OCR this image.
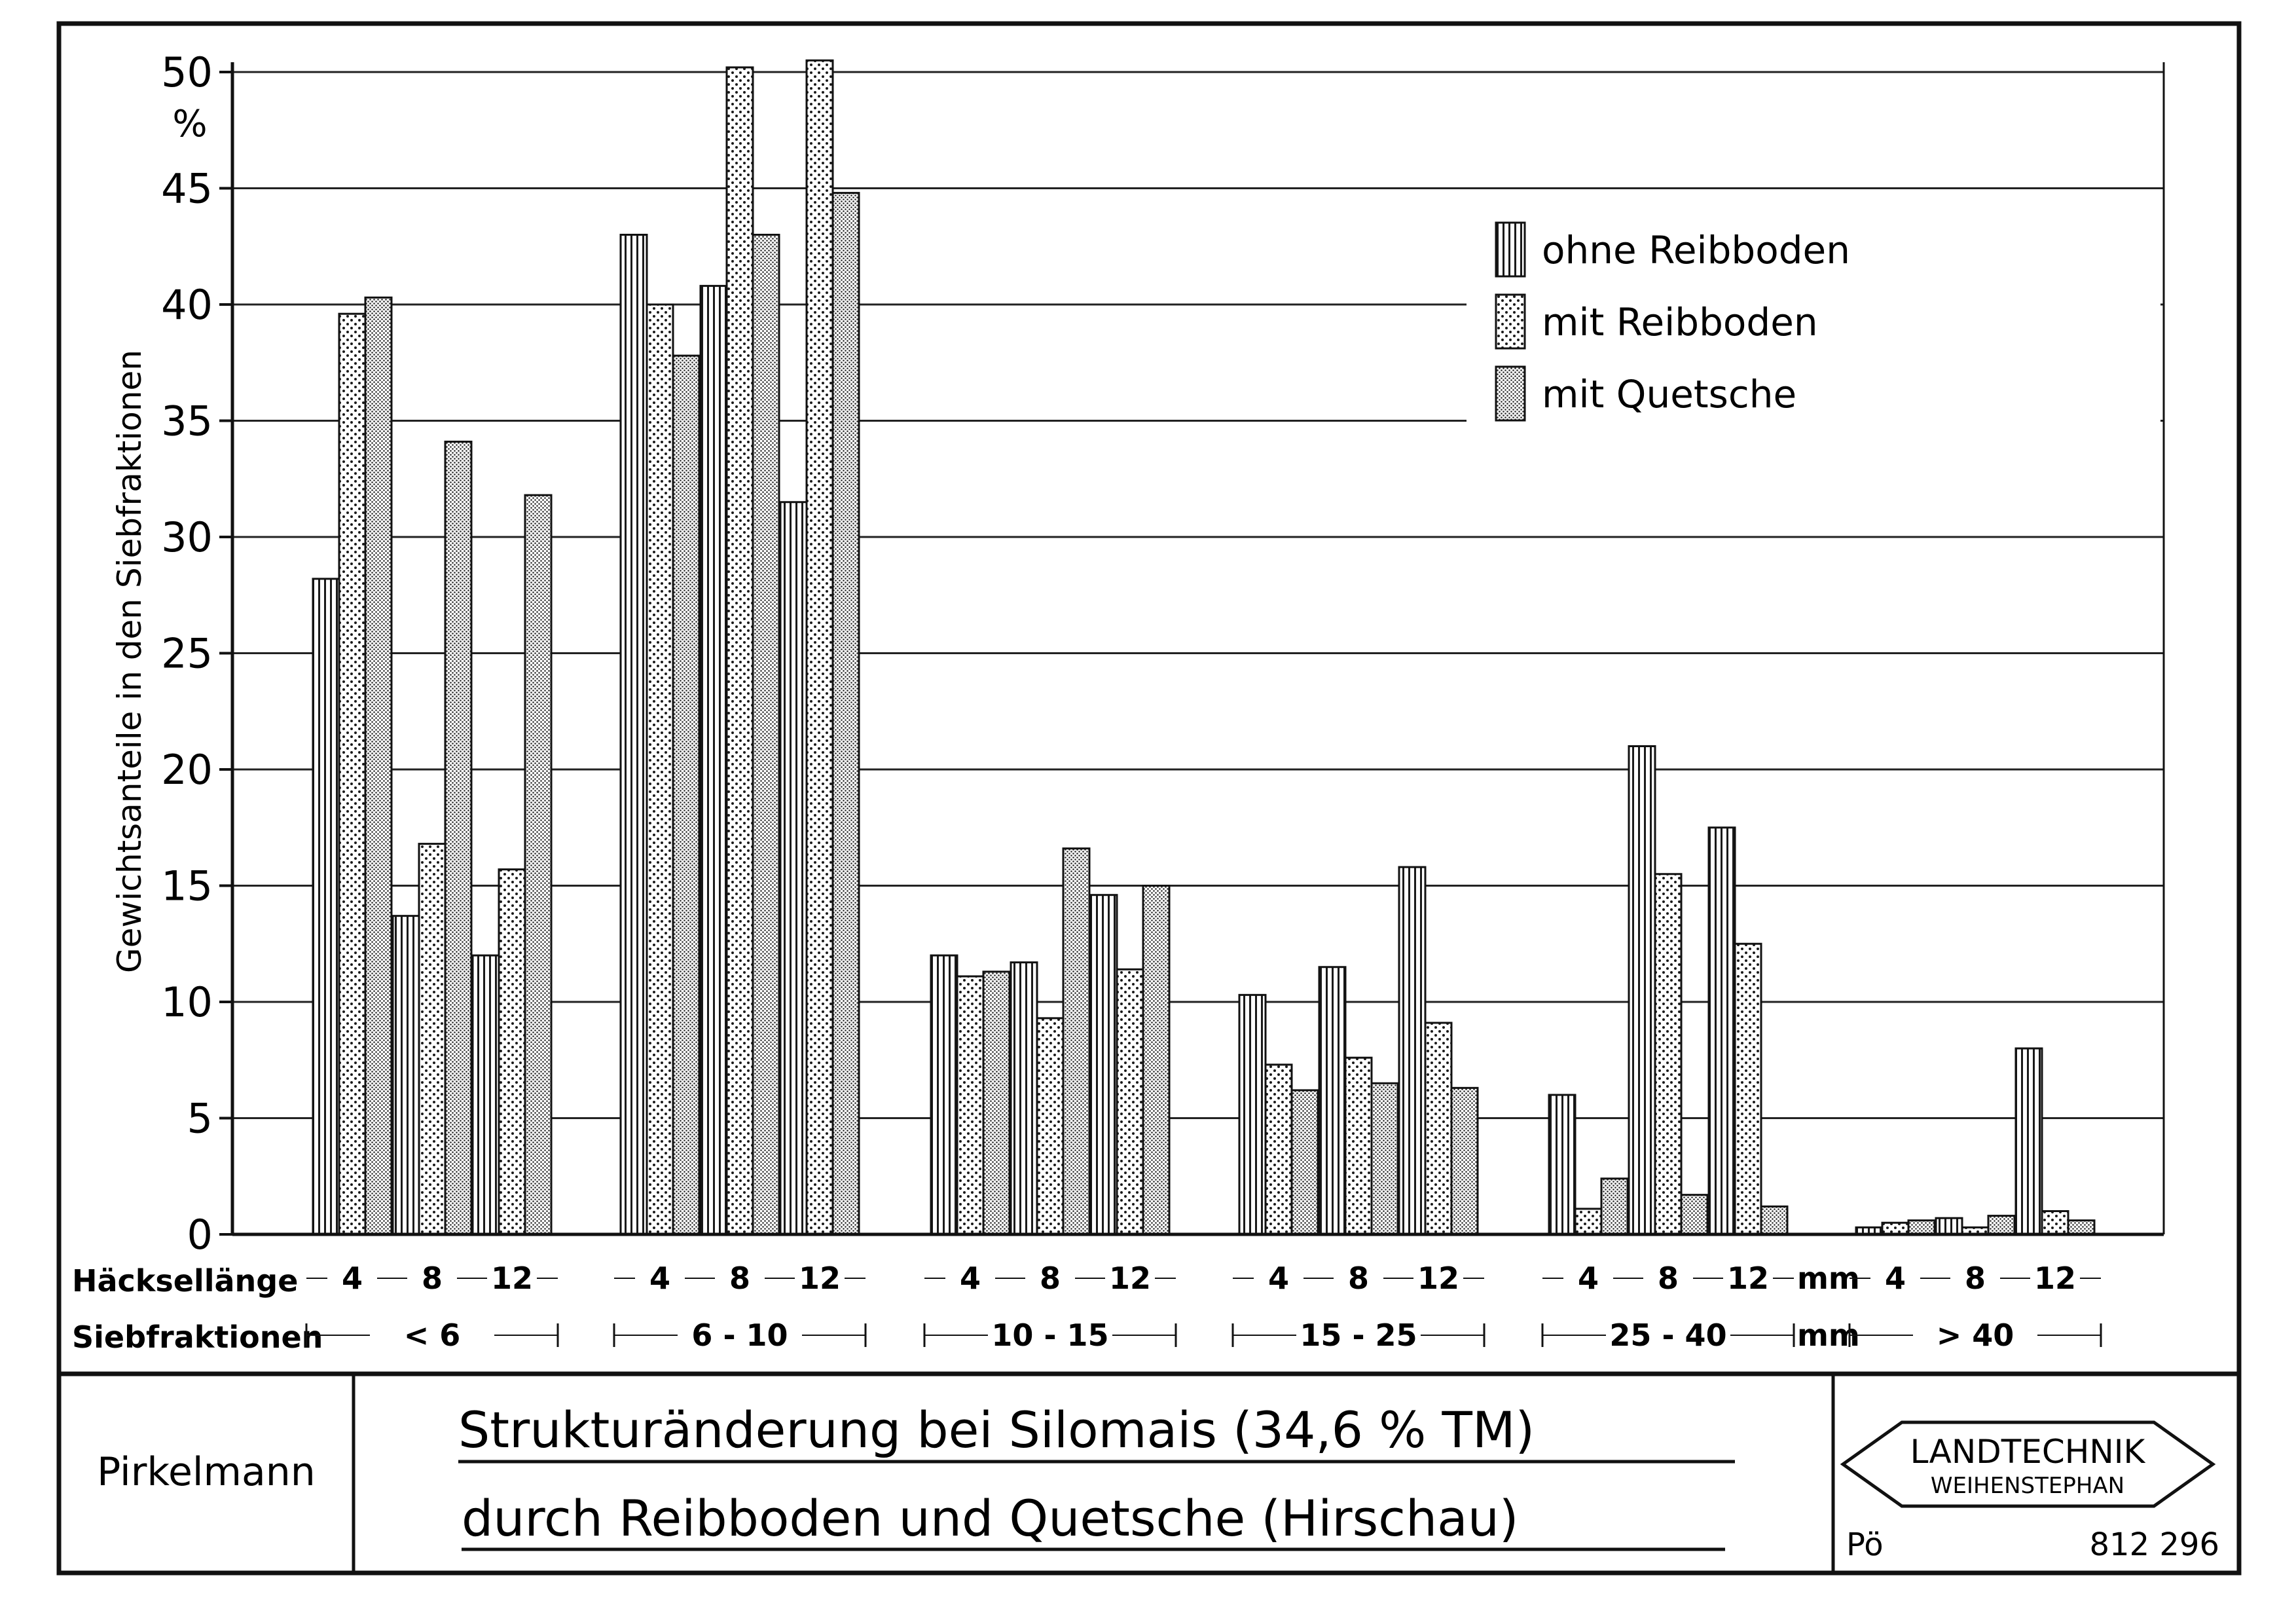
0
5
10
15
20
25
30
35
40
45
50
%
Gewichtsanteile in den Siebfraktionen
Häcksellänge
Siebfraktionen
4 8 12
< 6
4 8 12
6 - 10
4 8 12
10 - 15
4 8 12
15 - 25
4 8 12 mm
25 - 40 mm
4 8 12
> 40
ohne Reibboden
mit Reibboden
mit Quetsche
Pirkelmann
Strukturänderung bei Silomais (34,6 % TM)
durch Reibboden und Quetsche (Hirschau)
LANDTECHNIK
WEIHENSTEPHAN
Pö	812 296
